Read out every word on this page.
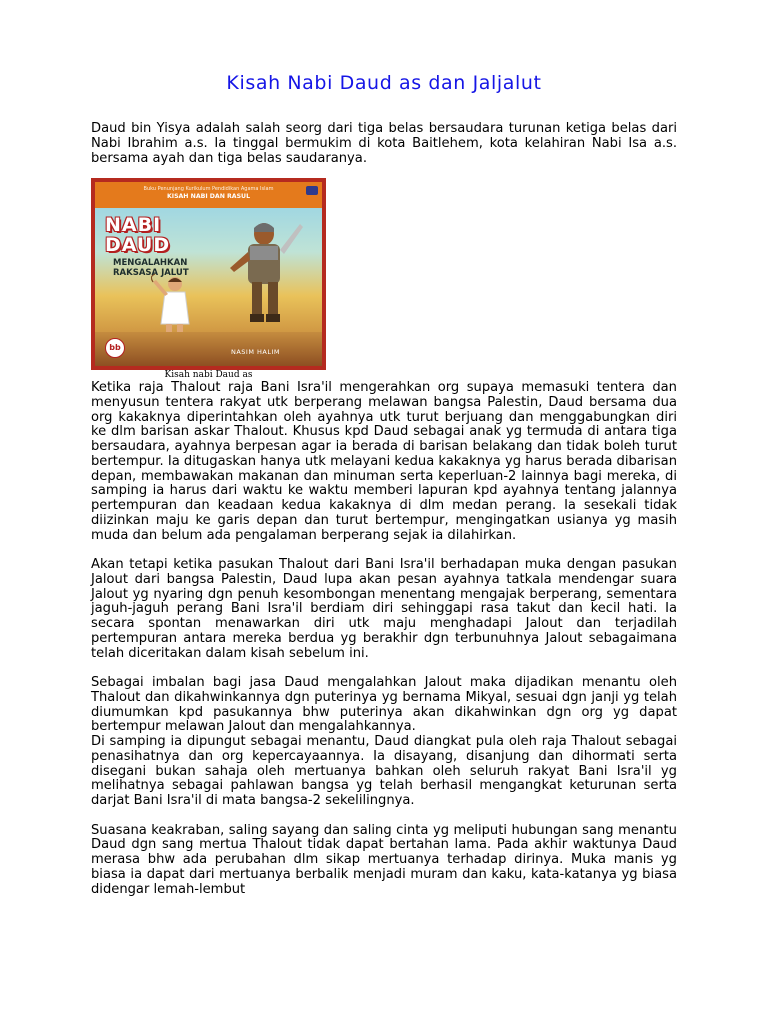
Kisah Nabi Daud as dan Jaljalut

Daud bin Yisya adalah salah seorg dari tiga belas bersaudara turunan ketiga belas dari Nabi Ibrahim a.s. Ia tinggal bermukim di kota Baitlehem, kota kelahiran Nabi Isa a.s. bersama ayah dan tiga belas saudaranya.

Buku Penunjang Kurikulum Pendidikan Agama Islam
KISAH NABI DAN RASUL
NABI
DAUD
MENGALAHKAN
RAKSASA JALUT
bb	NASIM HALIM
Kisah nabi Daud as

Ketika raja Thalout raja Bani Isra'il mengerahkan org supaya memasuki tentera dan menyusun tentera rakyat utk berperang melawan bangsa Palestin, Daud bersama dua org kakaknya diperintahkan oleh ayahnya utk turut berjuang dan menggabungkan diri ke dlm barisan askar Thalout. Khusus kpd Daud sebagai anak yg termuda di antara tiga bersaudara, ayahnya berpesan agar ia berada di barisan belakang dan tidak boleh turut bertempur. Ia ditugaskan hanya utk melayani kedua kakaknya yg harus berada dibarisan depan, membawakan makanan dan minuman serta keperluan-2 lainnya bagi mereka, di samping ia harus dari waktu ke waktu memberi lapuran kpd ayahnya tentang jalannya pertempuran dan keadaan kedua kakaknya di dlm medan perang. Ia sesekali tidak diizinkan maju ke garis depan dan turut bertempur, mengingatkan usianya yg masih muda dan belum ada pengalaman berperang sejak ia dilahirkan.

Akan tetapi ketika pasukan Thalout dari Bani Isra'il berhadapan muka dengan pasukan Jalout dari bangsa Palestin, Daud lupa akan pesan ayahnya tatkala mendengar suara Jalout yg nyaring dgn penuh kesombongan menentang mengajak berperang, sementara jaguh-jaguh perang Bani Isra'il berdiam diri sehinggapi rasa takut dan kecil hati. Ia secara spontan menawarkan diri utk maju menghadapi Jalout dan terjadilah pertempuran antara mereka berdua yg berakhir dgn terbunuhnya Jalout sebagaimana telah diceritakan dalam kisah sebelum ini.

Sebagai imbalan bagi jasa Daud mengalahkan Jalout maka dijadikan menantu oleh Thalout dan dikahwinkannya dgn puterinya yg bernama Mikyal, sesuai dgn janji yg telah diumumkan kpd pasukannya bhw puterinya akan dikahwinkan dgn org yg dapat bertempur melawan Jalout dan mengalahkannya.

Di samping ia dipungut sebagai menantu, Daud diangkat pula oleh raja Thalout sebagai penasihatnya dan org kepercayaannya. Ia disayang, disanjung dan dihormati serta disegani bukan sahaja oleh mertuanya bahkan oleh seluruh rakyat Bani Isra'il yg melihatnya sebagai pahlawan bangsa yg telah berhasil mengangkat keturunan serta darjat Bani Isra'il di mata bangsa-2 sekelilingnya.

Suasana keakraban, saling sayang dan saling cinta yg meliputi hubungan sang menantu Daud dgn sang mertua Thalout tidak dapat bertahan lama. Pada akhir waktunya Daud merasa bhw ada perubahan dlm sikap mertuanya terhadap dirinya. Muka manis yg biasa ia dapat dari mertuanya berbalik menjadi muram dan kaku, kata-katanya yg biasa didengar lemah-lembut
